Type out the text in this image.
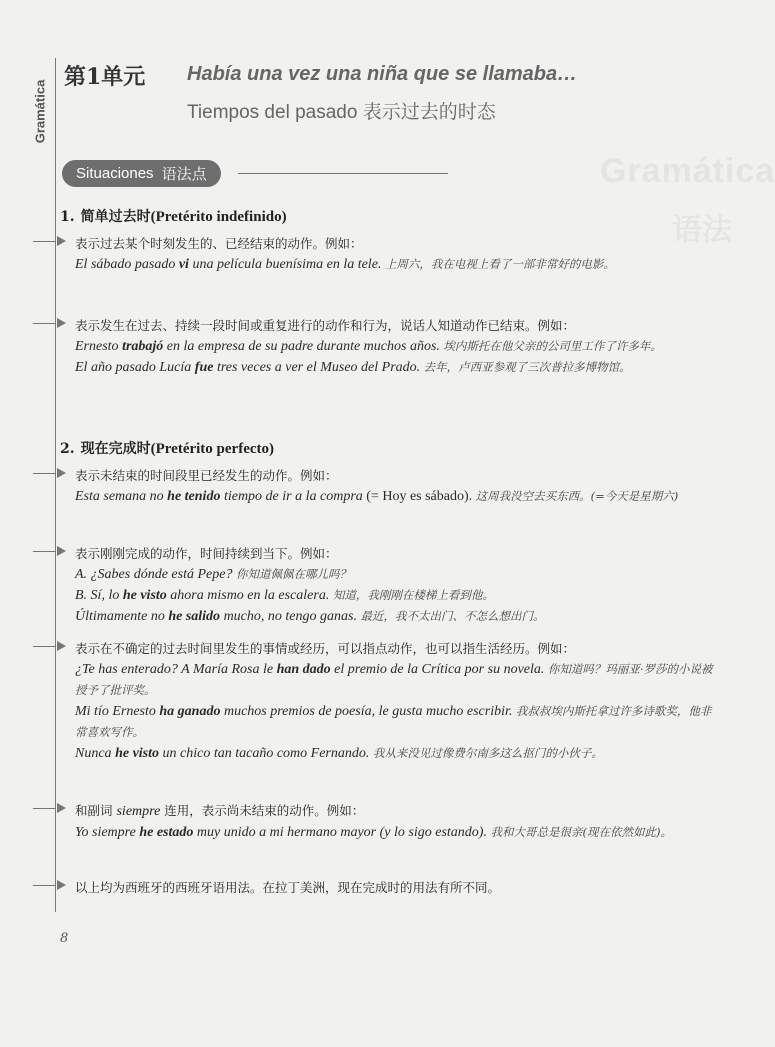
Gramática
第1单元 Había una vez una niña que se llamaba…
Tiempos del pasado 表示过去的时态
Situaciones 语法点	Gramática
语法
1. 简单过去时(Pretérito indefinido)
表示过去某个时刻发生的、已经结束的动作。例如：
El sábado pasado vi una película buenísima en la tele. 上周六，我在电视上看了一部非常好的电影。
表示发生在过去、持续一段时间或重复进行的动作和行为，说话人知道动作已结束。例如：
Ernesto trabajó en la empresa de su padre durante muchos años. 埃内斯托在他父亲的公司里工作了许多年。
El año pasado Lucía fue tres veces a ver el Museo del Prado. 去年，卢西亚参观了三次普拉多博物馆。
2. 现在完成时(Pretérito perfecto)
表示未结束的时间段里已经发生的动作。例如：
Esta semana no he tenido tiempo de ir a la compra (= Hoy es sábado). 这周我没空去买东西。(=今天是星期六)
表示刚刚完成的动作，时间持续到当下。例如：
A. ¿Sabes dónde está Pepe? 你知道佩佩在哪儿吗？
B. Sí, lo he visto ahora mismo en la escalera. 知道，我刚刚在楼梯上看到他。
Últimamente no he salido mucho, no tengo ganas. 最近，我不太出门、不怎么想出门。
表示在不确定的过去时间里发生的事情或经历，可以指点动作，也可以指生活经历。例如：
¿Te has enterado? A María Rosa le han dado el premio de la Crítica por su novela. 你知道吗？玛丽亚·罗莎的小说被授予了批评奖。
Mi tío Ernesto ha ganado muchos premios de poesía, le gusta mucho escribir. 我叔叔埃内斯托拿过许多诗歌奖，他非常喜欢写作。
Nunca he visto un chico tan tacaño como Fernando. 我从来没见过像费尔南多这么抠门的小伙子。
和副词 siempre 连用，表示尚未结束的动作。例如：
Yo siempre he estado muy unido a mi hermano mayor (y lo sigo estando). 我和大哥总是很亲(现在依然如此)。
以上均为西班牙的西班牙语用法。在拉丁美洲，现在完成时的用法有所不同。
8
